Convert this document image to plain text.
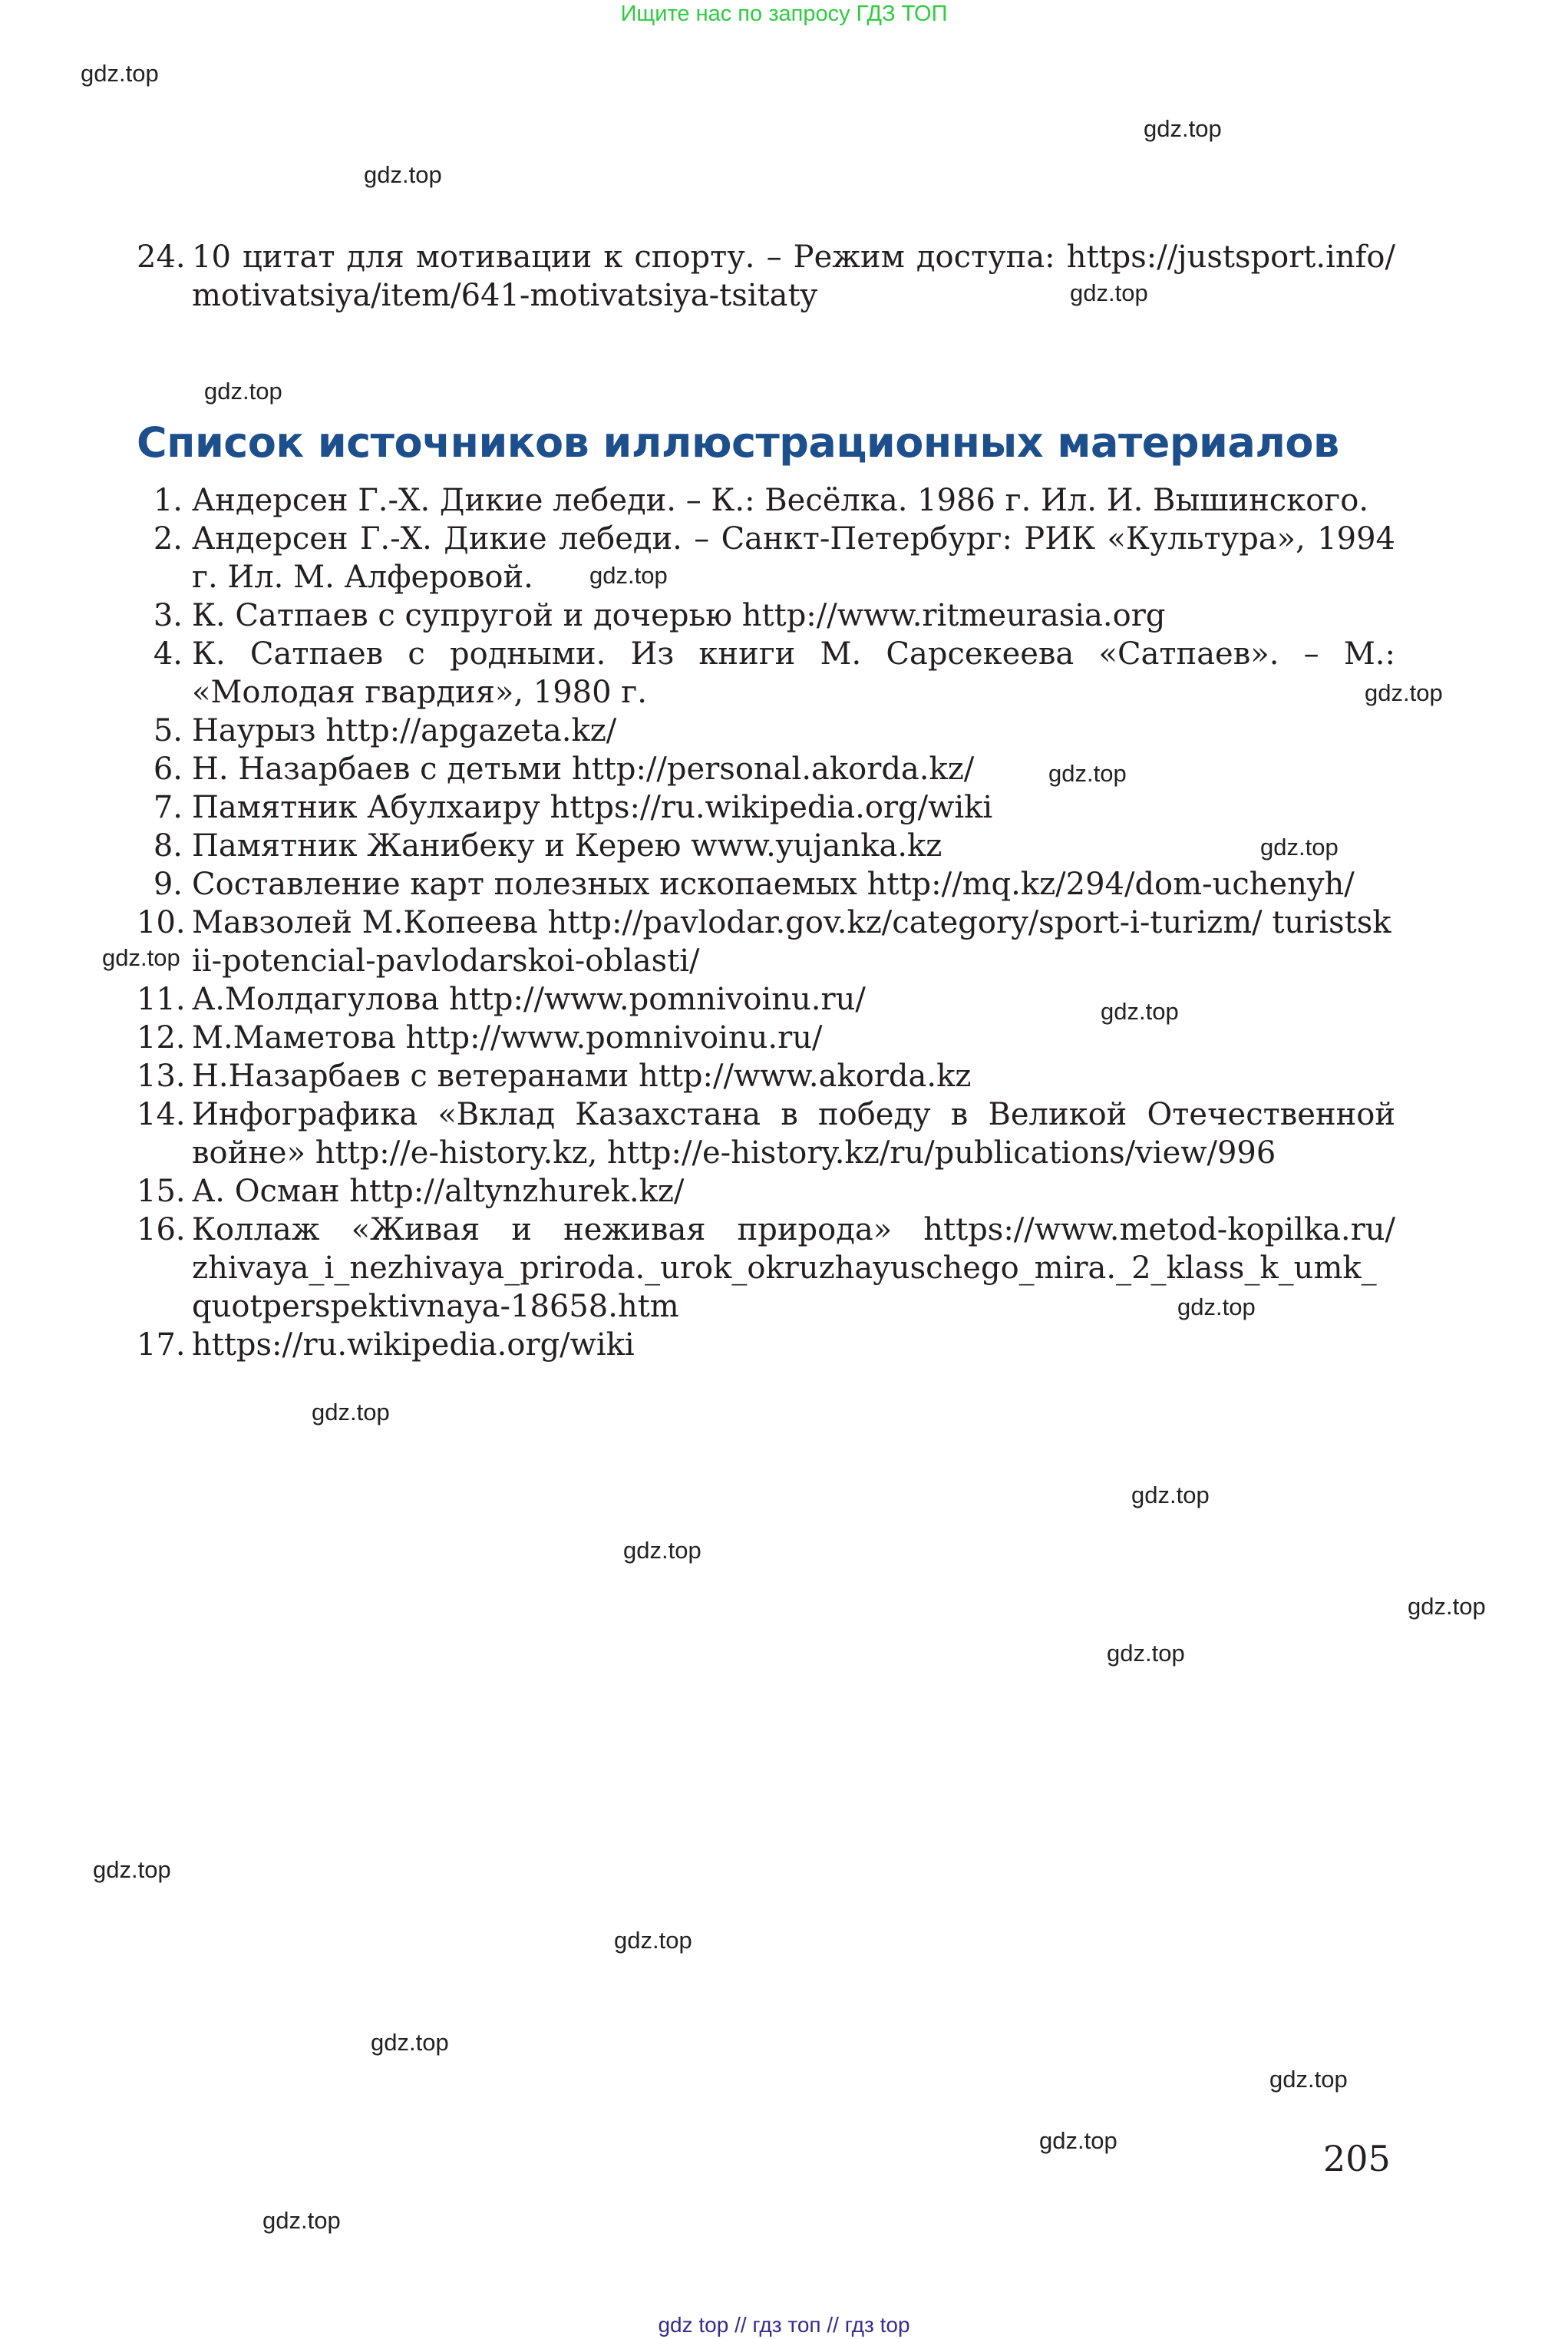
Ищите нас по запросу ГДЗ ТОП
gdz.top
gdz.top
gdz.top
gdz.top
gdz.top
gdz.top
gdz.top
gdz.top
gdz.top
gdz.top
gdz.top
gdz.top
gdz.top
gdz.top
gdz.top
gdz.top
gdz.top
gdz.top
gdz.top
gdz.top
gdz.top
gdz.top
gdz.top
24. 10 цитат для мотивации к спорту. – Режим доступа: https://justsport.info/ motivatsiya/item/641-motivatsiya-tsitaty
Список источников иллюстрационных материалов
1. Андерсен Г.-Х. Дикие лебеди. – К.: Весёлка. 1986 г. Ил. И. Вышинского.
2. Андерсен Г.-Х. Дикие лебеди. – Санкт-Петербург: РИК «Культура», 1994 г. Ил. М. Алферовой.
3. К. Сатпаев с супругой и дочерью http://www.ritmeurasia.org
4. К. Сатпаев с родными. Из книги М. Сарсекеева «Сатпаев». – М.: «Молодая гвардия», 1980 г.
5. Наурыз http://apgazeta.kz/
6. Н. Назарбаев с детьми http://personal.akorda.kz/
7. Памятник Абулхаиру https://ru.wikipedia.org/wiki
8. Памятник Жанибеку и Керею www.yujanka.kz
9. Составление карт полезных ископаемых http://mq.kz/294/dom-uchenyh/
10. Мавзолей М.Копеева http://pavlodar.gov.kz/category/sport-i-turizm/ turistskii-potencial-pavlodarskoi-oblasti/
11. А.Молдагулова http://www.pomnivoinu.ru/
12. М.Маметова http://www.pomnivoinu.ru/
13. Н.Назарбаев с ветеранами http://www.akorda.kz
14. Инфографика «Вклад Казахстана в победу в Великой Отечественной войне» http://e-history.kz, http://e-history.kz/ru/publications/view/996
15. А. Осман http://altynzhurek.kz/
16. Коллаж «Живая и неживая природа» https://www.metod-kopilka.ru/ zhivaya_i_nezhivaya_priroda._urok_okruzhayuschego_mira._2_klass_k_umk_ quotperspektivnaya-18658.htm
17. https://ru.wikipedia.org/wiki
205
gdz top // гдз топ // гдз top
